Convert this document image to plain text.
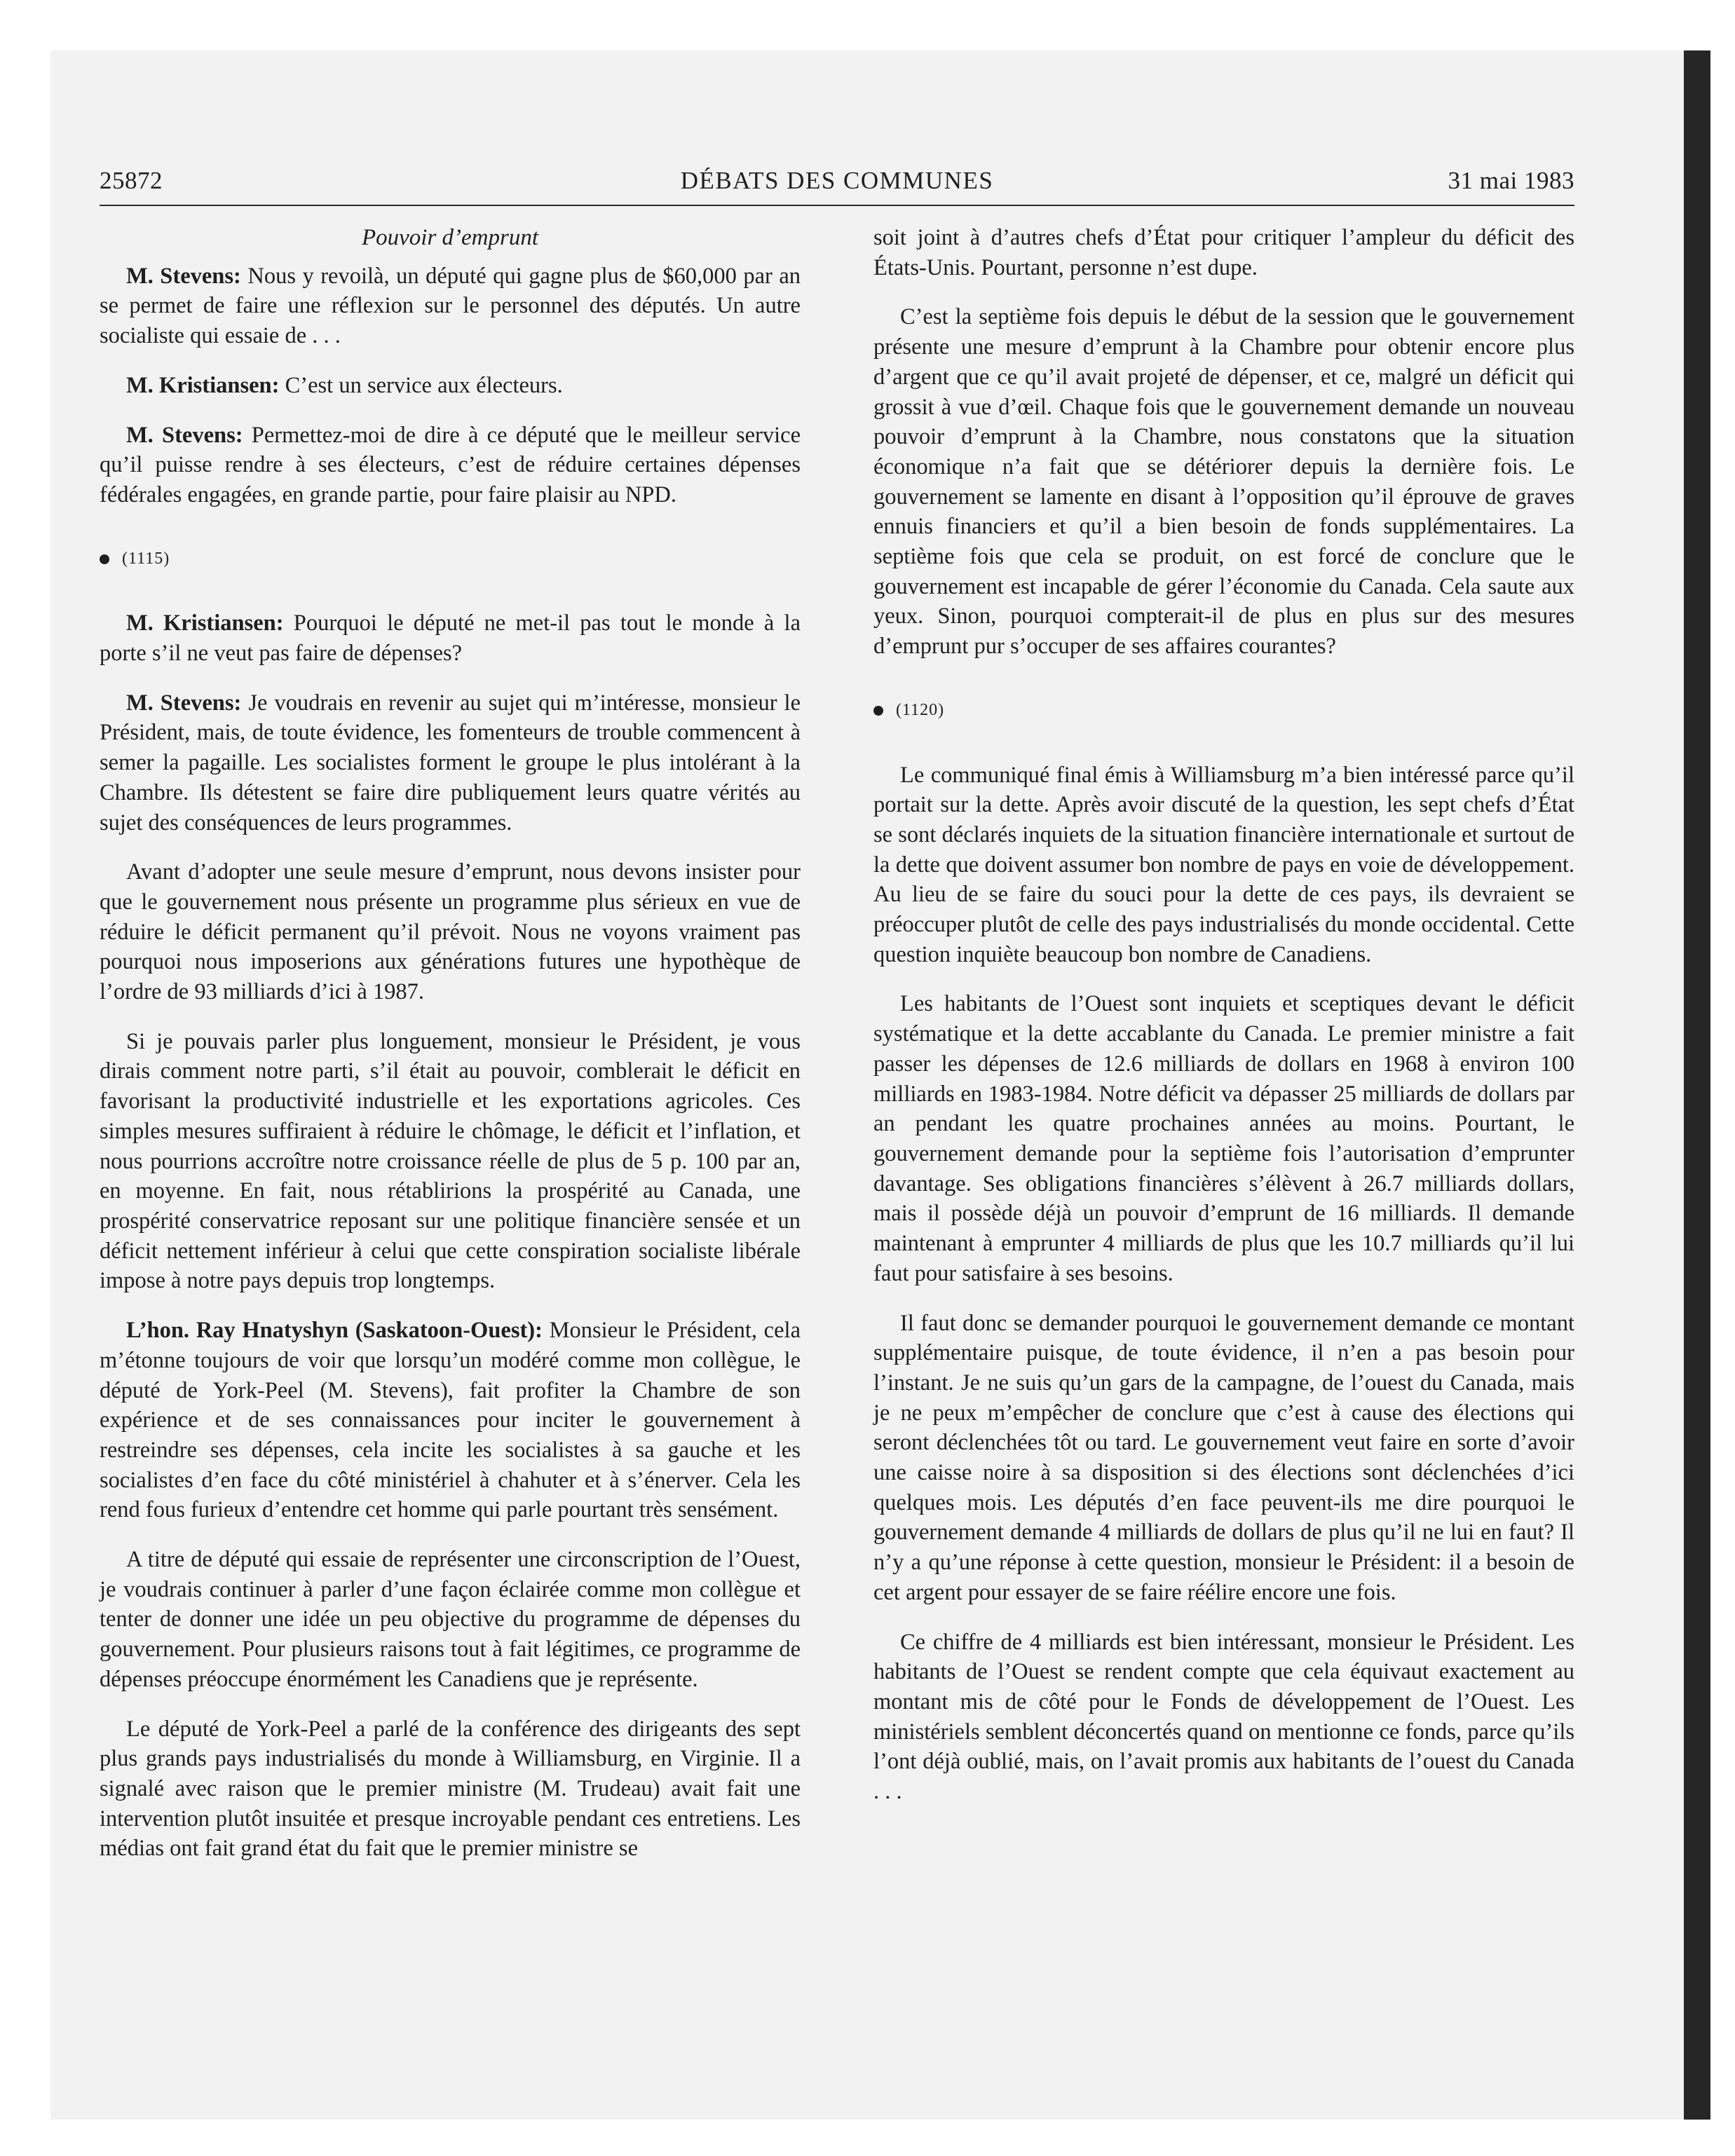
25872	DÉBATS DES COMMUNES	31 mai 1983

Pouvoir d’emprunt

M. Stevens: Nous y revoilà, un député qui gagne plus de $60,000 par an se permet de faire une réflexion sur le personnel des députés. Un autre socialiste qui essaie de . . .

M. Kristiansen: C’est un service aux électeurs.

M. Stevens: Permettez-moi de dire à ce député que le meilleur service qu’il puisse rendre à ses électeurs, c’est de réduire certaines dépenses fédérales engagées, en grande partie, pour faire plaisir au NPD.

(1115)

M. Kristiansen: Pourquoi le député ne met-il pas tout le monde à la porte s’il ne veut pas faire de dépenses?

M. Stevens: Je voudrais en revenir au sujet qui m’intéresse, monsieur le Président, mais, de toute évidence, les fomenteurs de trouble commencent à semer la pagaille. Les socialistes forment le groupe le plus intolérant à la Chambre. Ils détestent se faire dire publiquement leurs quatre vérités au sujet des conséquences de leurs programmes.

Avant d’adopter une seule mesure d’emprunt, nous devons insister pour que le gouvernement nous présente un programme plus sérieux en vue de réduire le déficit permanent qu’il prévoit. Nous ne voyons vraiment pas pourquoi nous imposerions aux générations futures une hypothèque de l’ordre de 93 milliards d’ici à 1987.

Si je pouvais parler plus longuement, monsieur le Président, je vous dirais comment notre parti, s’il était au pouvoir, comblerait le déficit en favorisant la productivité industrielle et les exportations agricoles. Ces simples mesures suffiraient à réduire le chômage, le déficit et l’inflation, et nous pourrions accroître notre croissance réelle de plus de 5 p. 100 par an, en moyenne. En fait, nous rétablirions la prospérité au Canada, une prospérité conservatrice reposant sur une politique financière sensée et un déficit nettement inférieur à celui que cette conspiration socialiste libérale impose à notre pays depuis trop longtemps.

L’hon. Ray Hnatyshyn (Saskatoon-Ouest): Monsieur le Président, cela m’étonne toujours de voir que lorsqu’un modéré comme mon collègue, le député de York-Peel (M. Stevens), fait profiter la Chambre de son expérience et de ses connaissances pour inciter le gouvernement à restreindre ses dépenses, cela incite les socialistes à sa gauche et les socialistes d’en face du côté ministériel à chahuter et à s’énerver. Cela les rend fous furieux d’entendre cet homme qui parle pourtant très sensément.

A titre de député qui essaie de représenter une circonscription de l’Ouest, je voudrais continuer à parler d’une façon éclairée comme mon collègue et tenter de donner une idée un peu objective du programme de dépenses du gouvernement. Pour plusieurs raisons tout à fait légitimes, ce programme de dépenses préoccupe énormément les Canadiens que je représente.

Le député de York-Peel a parlé de la conférence des dirigeants des sept plus grands pays industrialisés du monde à Williamsburg, en Virginie. Il a signalé avec raison que le premier ministre (M. Trudeau) avait fait une intervention plutôt insuitée et presque incroyable pendant ces entretiens. Les médias ont fait grand état du fait que le premier ministre se

soit joint à d’autres chefs d’État pour critiquer l’ampleur du déficit des États-Unis. Pourtant, personne n’est dupe.

C’est la septième fois depuis le début de la session que le gouvernement présente une mesure d’emprunt à la Chambre pour obtenir encore plus d’argent que ce qu’il avait projeté de dépenser, et ce, malgré un déficit qui grossit à vue d’œil. Chaque fois que le gouvernement demande un nouveau pouvoir d’emprunt à la Chambre, nous constatons que la situation économique n’a fait que se détériorer depuis la dernière fois. Le gouvernement se lamente en disant à l’opposition qu’il éprouve de graves ennuis financiers et qu’il a bien besoin de fonds supplémentaires. La septième fois que cela se produit, on est forcé de conclure que le gouvernement est incapable de gérer l’économie du Canada. Cela saute aux yeux. Sinon, pourquoi compterait-il de plus en plus sur des mesures d’emprunt pur s’occuper de ses affaires courantes?

(1120)

Le communiqué final émis à Williamsburg m’a bien intéressé parce qu’il portait sur la dette. Après avoir discuté de la question, les sept chefs d’État se sont déclarés inquiets de la situation financière internationale et surtout de la dette que doivent assumer bon nombre de pays en voie de développement. Au lieu de se faire du souci pour la dette de ces pays, ils devraient se préoccuper plutôt de celle des pays industrialisés du monde occidental. Cette question inquiète beaucoup bon nombre de Canadiens.

Les habitants de l’Ouest sont inquiets et sceptiques devant le déficit systématique et la dette accablante du Canada. Le premier ministre a fait passer les dépenses de 12.6 milliards de dollars en 1968 à environ 100 milliards en 1983-1984. Notre déficit va dépasser 25 milliards de dollars par an pendant les quatre prochaines années au moins. Pourtant, le gouvernement demande pour la septième fois l’autorisation d’emprunter davantage. Ses obligations financières s’élèvent à 26.7 milliards dollars, mais il possède déjà un pouvoir d’emprunt de 16 milliards. Il demande maintenant à emprunter 4 milliards de plus que les 10.7 milliards qu’il lui faut pour satisfaire à ses besoins.

Il faut donc se demander pourquoi le gouvernement demande ce montant supplémentaire puisque, de toute évidence, il n’en a pas besoin pour l’instant. Je ne suis qu’un gars de la campagne, de l’ouest du Canada, mais je ne peux m’empêcher de conclure que c’est à cause des élections qui seront déclenchées tôt ou tard. Le gouvernement veut faire en sorte d’avoir une caisse noire à sa disposition si des élections sont déclenchées d’ici quelques mois. Les députés d’en face peuvent-ils me dire pourquoi le gouvernement demande 4 milliards de dollars de plus qu’il ne lui en faut? Il n’y a qu’une réponse à cette question, monsieur le Président: il a besoin de cet argent pour essayer de se faire réélire encore une fois.

Ce chiffre de 4 milliards est bien intéressant, monsieur le Président. Les habitants de l’Ouest se rendent compte que cela équivaut exactement au montant mis de côté pour le Fonds de développement de l’Ouest. Les ministériels semblent déconcertés quand on mentionne ce fonds, parce qu’ils l’ont déjà oublié, mais, on l’avait promis aux habitants de l’ouest du Canada . . .
